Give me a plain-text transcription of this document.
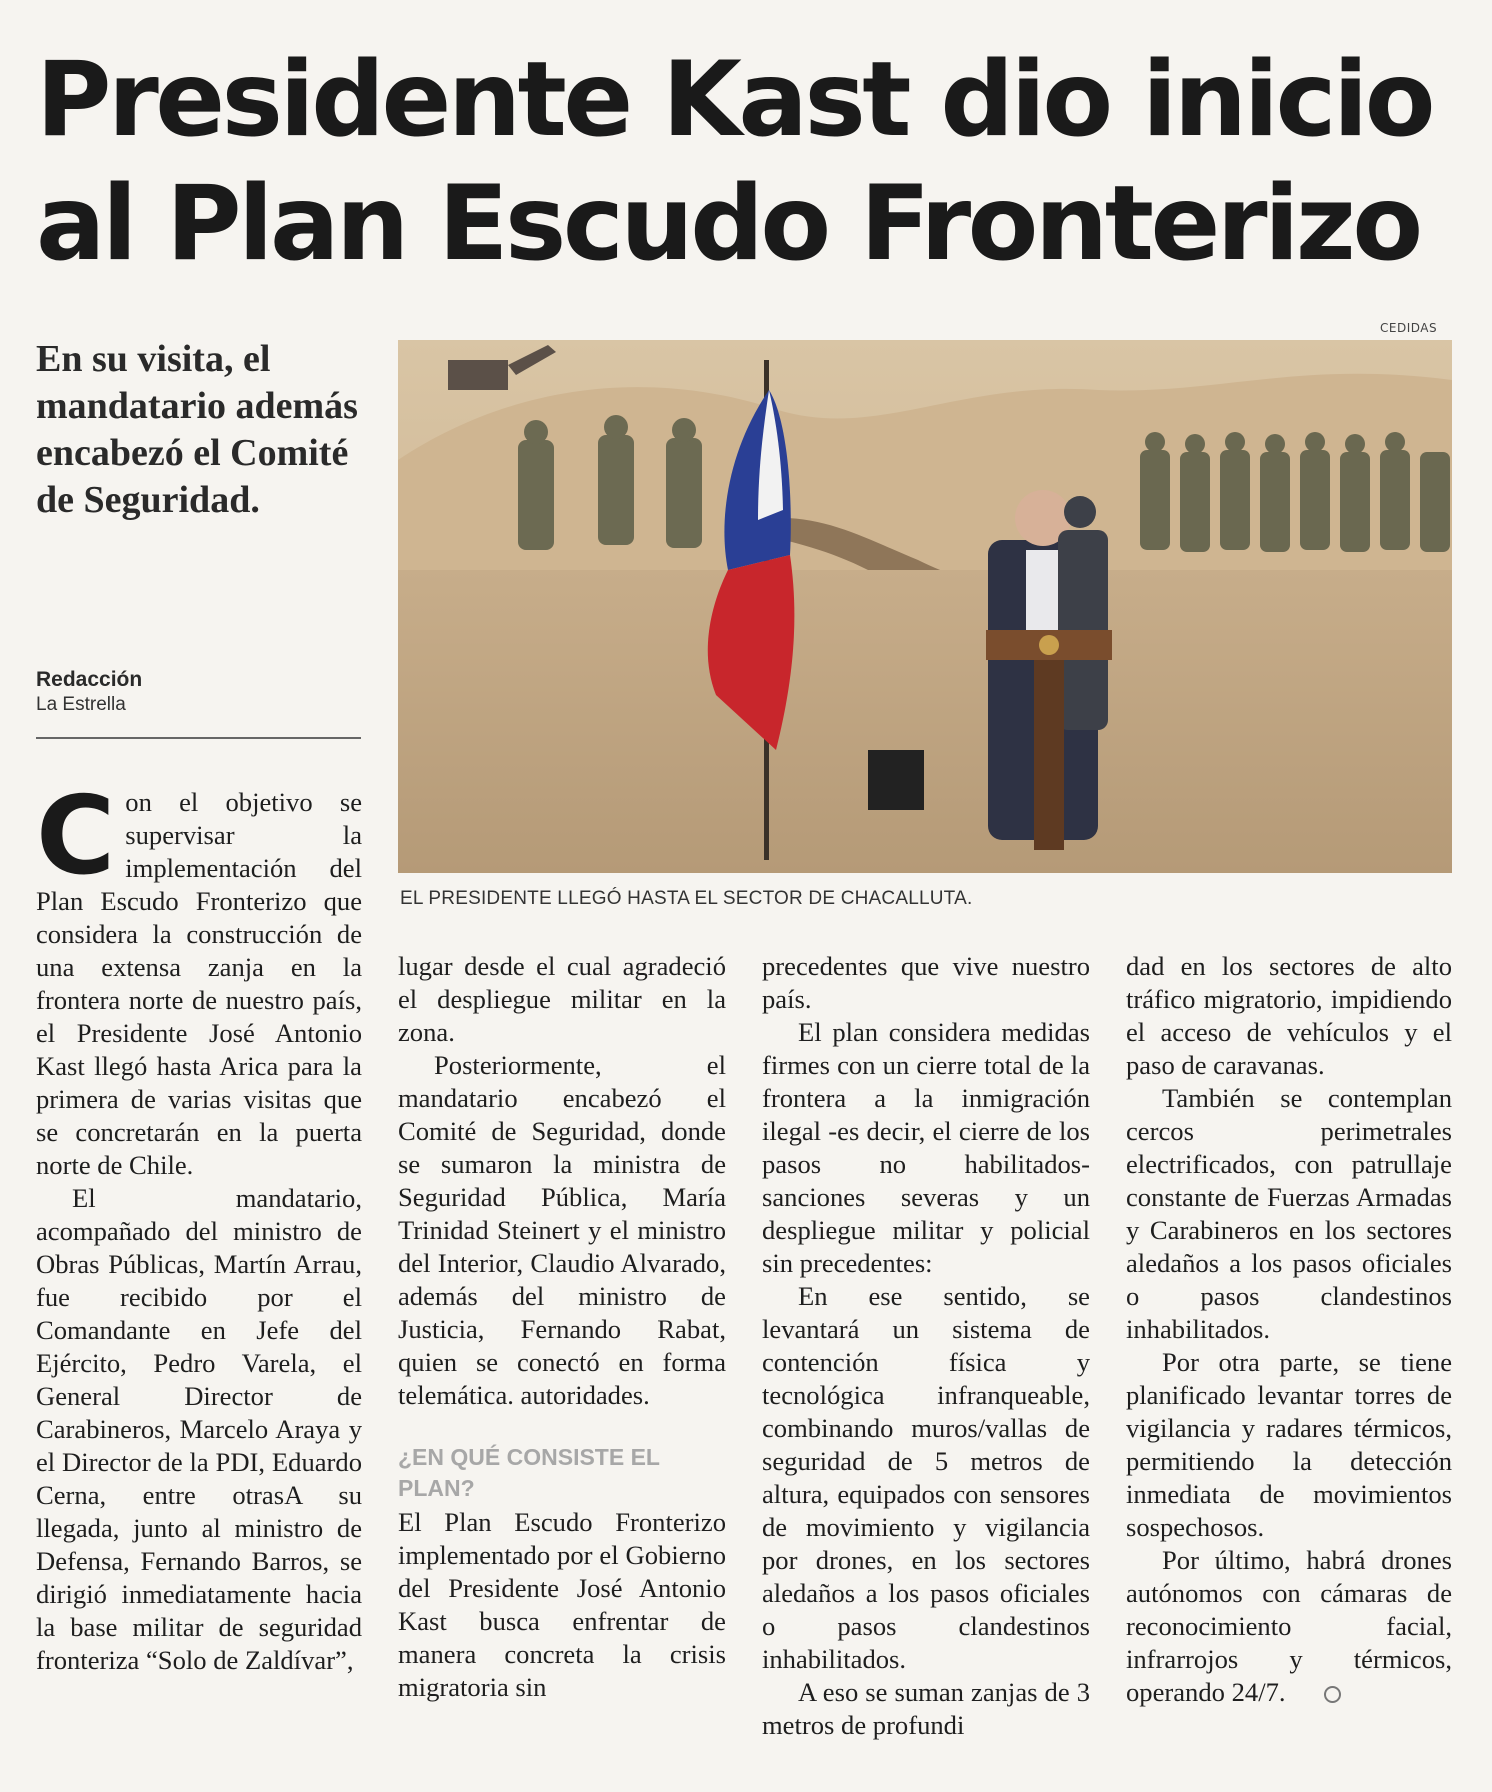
Presidente Kast dio inicio
al Plan Escudo Fronterizo
CEDIDAS
En su visita, el mandatario además encabezó el Comité de Seguridad.
Redacción
La Estrella
EL PRESIDENTE LLEGÓ HASTA EL SECTOR DE CHACALLUTA.

Con el objetivo se supervisar la implementación del Plan Escudo Fronterizo que considera la construcción de una extensa zanja en la frontera norte de nuestro país, el Presidente José Antonio Kast llegó hasta Arica para la primera de varias visitas que se concretarán en la puerta norte de Chile.

El mandatario, acompañado del ministro de Obras Públicas, Martín Arrau, fue recibido por el Comandante en Jefe del Ejército, Pedro Varela, el General Director de Carabineros, Marcelo Araya y el Director de la PDI, Eduardo Cerna, entre otrasA su llegada, junto al ministro de Defensa, Fernando Barros, se dirigió inmediatamente hacia la base militar de seguridad fronteriza “Solo de Zaldívar”,

lugar desde el cual agradeció el despliegue militar en la zona.

Posteriormente, el mandatario encabezó el Comité de Seguridad, donde se sumaron la ministra de Seguridad Pública, María Trinidad Steinert y el ministro del Interior, Claudio Alvarado, además del ministro de Justicia, Fernando Rabat, quien se conectó en forma telemática. autoridades.

¿EN QUÉ CONSISTE EL PLAN?

El Plan Escudo Fronterizo implementado por el Gobierno del Presidente José Antonio Kast busca enfrentar de manera concreta la crisis migratoria sin

precedentes que vive nuestro país.

El plan considera medidas firmes con un cierre total de la frontera a la inmigración ilegal -es decir, el cierre de los pasos no habilitados- sanciones severas y un despliegue militar y policial sin precedentes:

En ese sentido, se levantará un sistema de contención física y tecnológica infranqueable, combinando muros/vallas de seguridad de 5 metros de altura, equipados con sensores de movimiento y vigilancia por drones, en los sectores aledaños a los pasos oficiales o pasos clandestinos inhabilitados.

A eso se suman zanjas de 3 metros de profundi

dad en los sectores de alto tráfico migratorio, impidiendo el acceso de vehículos y el paso de caravanas.

También se contemplan cercos perimetrales electrificados, con patrullaje constante de Fuerzas Armadas y Carabineros en los sectores aledaños a los pasos oficiales o pasos clandestinos inhabilitados.

Por otra parte, se tiene planificado levantar torres de vigilancia y radares térmicos, permitiendo la detección inmediata de movimientos sospechosos.

Por último, habrá drones autónomos con cámaras de reconocimiento facial, infrarrojos y térmicos, operando 24/7.
